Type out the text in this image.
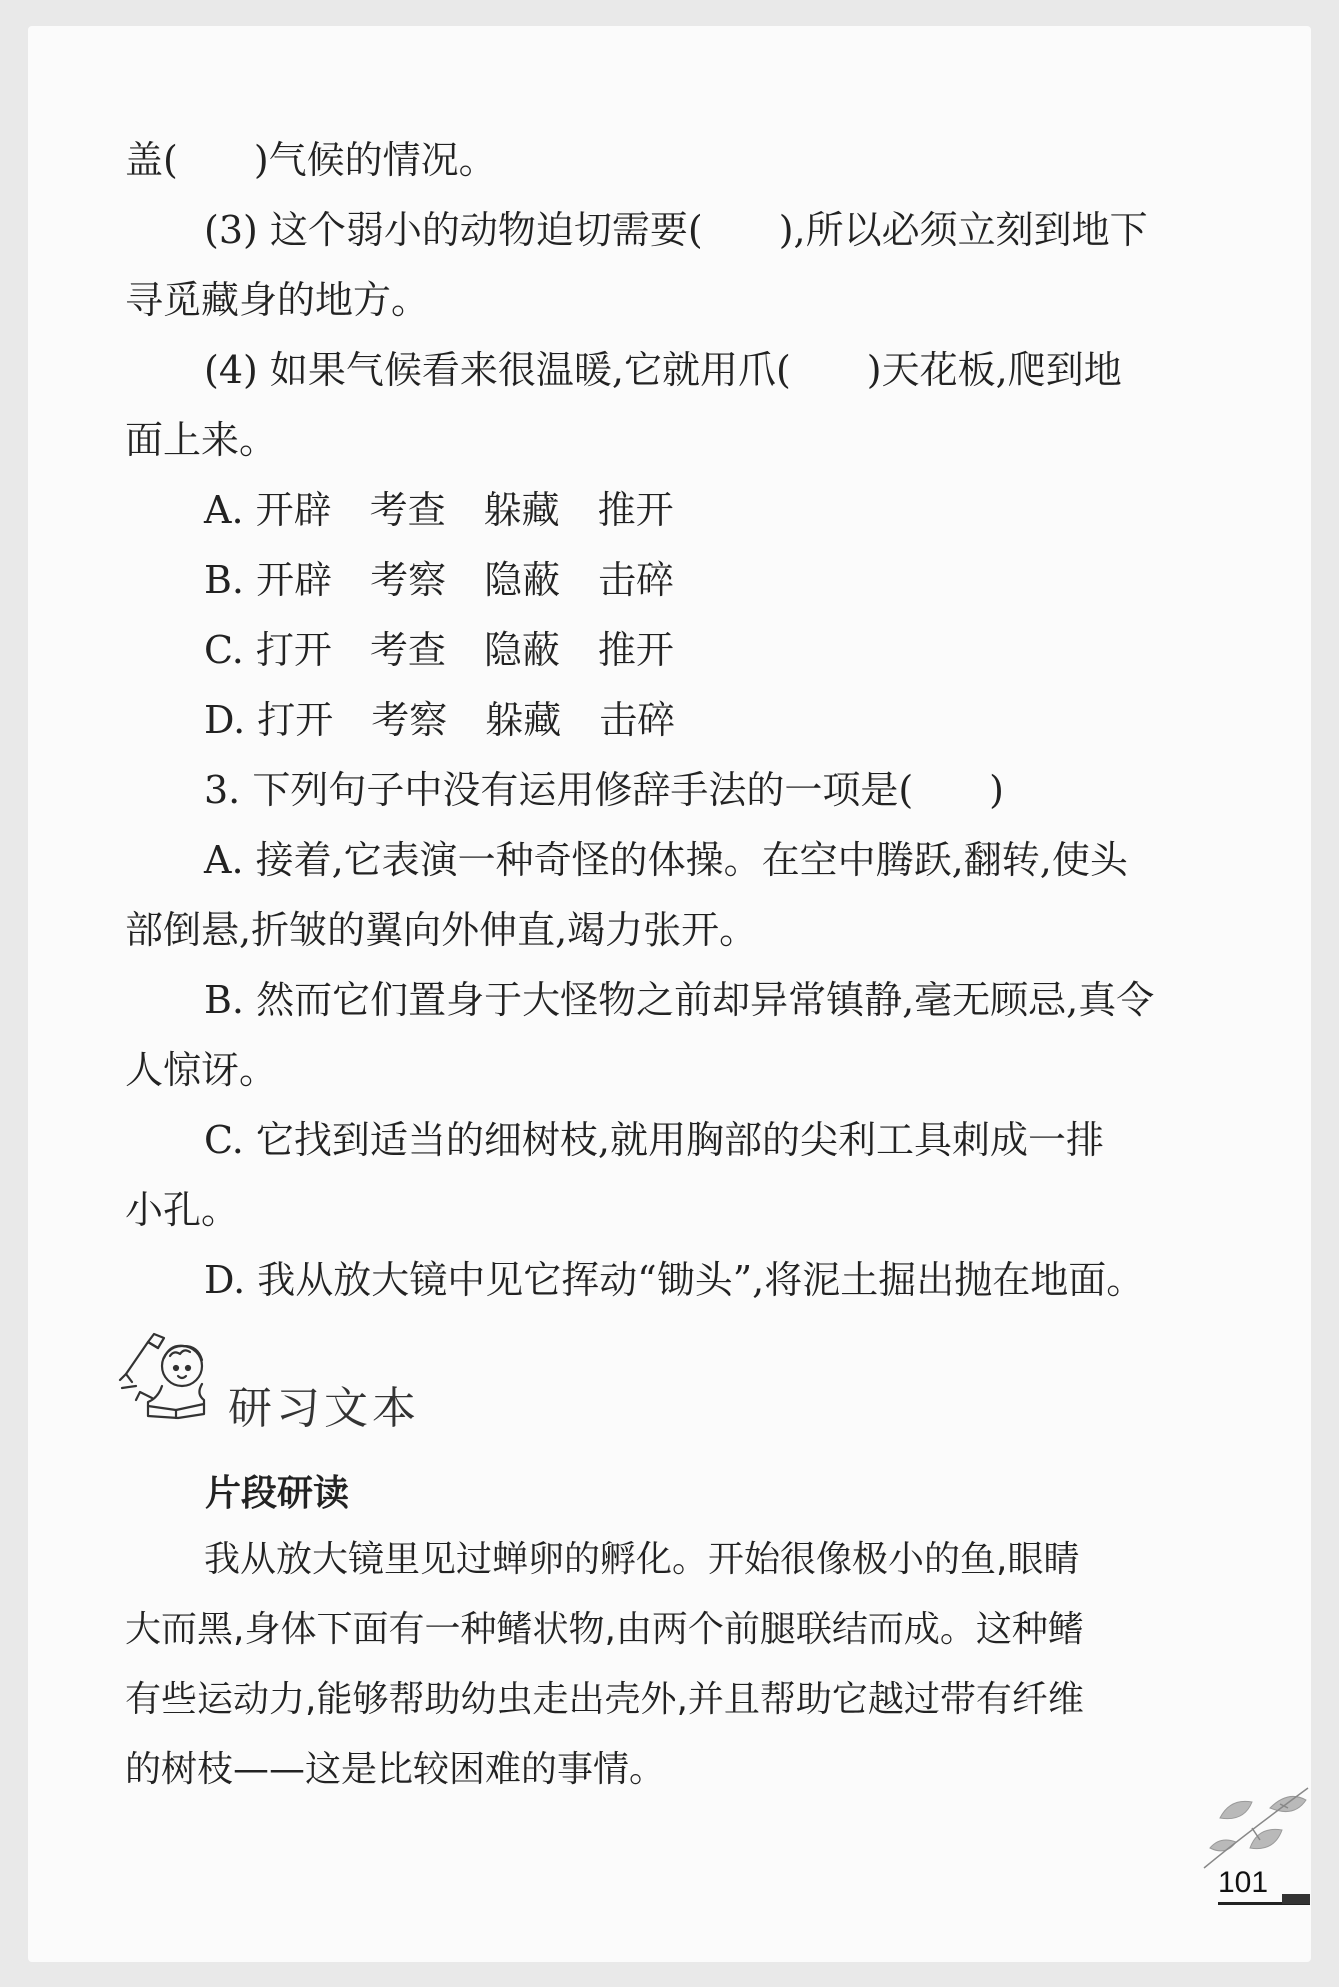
盖(　　)气候的情况。
(3) 这个弱小的动物迫切需要(　　),所以必须立刻到地下
寻觅藏身的地方。
(4) 如果气候看来很温暖,它就用爪(　　)天花板,爬到地
面上来。
A. 开辟　考查　躲藏　推开
B. 开辟　考察　隐蔽　击碎
C. 打开　考查　隐蔽　推开
D. 打开　考察　躲藏　击碎
3. 下列句子中没有运用修辞手法的一项是(　　)
A. 接着,它表演一种奇怪的体操。在空中腾跃,翻转,使头
部倒悬,折皱的翼向外伸直,竭力张开。
B. 然而它们置身于大怪物之前却异常镇静,毫无顾忌,真令
人惊讶。
C. 它找到适当的细树枝,就用胸部的尖利工具刺成一排
小孔。
D. 我从放大镜中见它挥动“锄头”,将泥土掘出抛在地面。
研习文本
片段研读
我从放大镜里见过蝉卵的孵化。开始很像极小的鱼,眼睛
大而黑,身体下面有一种鳍状物,由两个前腿联结而成。这种鳍
有些运动力,能够帮助幼虫走出壳外,并且帮助它越过带有纤维
的树枝——这是比较困难的事情。
101
